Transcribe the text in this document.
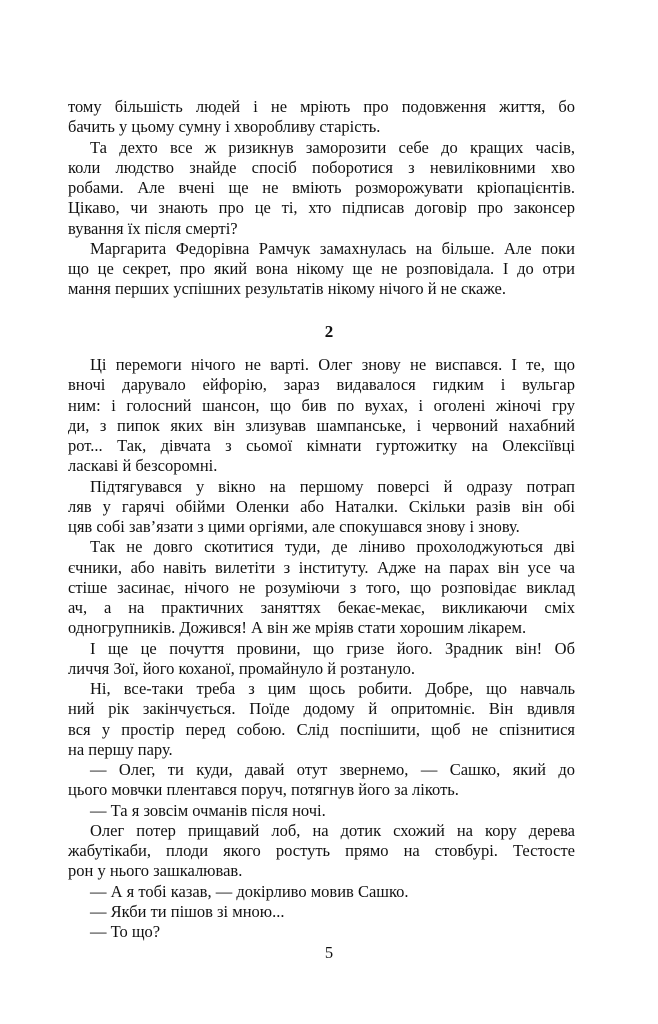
тому більшість людей і не мріють про подовження життя, бо
бачить у цьому сумну і хворобливу старість.
Та дехто все ж ризикнув заморозити себе до кращих часів,
коли людство знайде спосіб поборотися з невиліковними хво
робами. Але вчені ще не вміють розморожувати кріопацієнтів.
Цікаво, чи знають про це ті, хто підписав договір про законсер
вування їх після смерті?
Маргарита Федорівна Рамчук замахнулась на більше. Але поки
що це секрет, про який вона нікому ще не розповідала. І до отри
мання перших успішних результатів нікому нічого й не скаже.
2
Ці перемоги нічого не варті. Олег знову не виспався. І те, що
вночі дарувало ейфорію, зараз видавалося гидким і вульгар
ним: і голосний шансон, що бив по вухах, і оголені жіночі гру
ди, з пипок яких він злизував шампанське, і червоний нахабний
рот... Так, дівчата з сьомої кімнати гуртожитку на Олексіївці
ласкаві й безсоромні.
Підтягувався у вікно на першому поверсі й одразу потрап
ляв у гарячі обійми Оленки або Наталки. Скільки разів він обі
цяв собі зав’язати з цими оргіями, але спокушався знову і знову.
Так не довго скотитися туди, де ліниво прохолоджуються дві
єчники, або навіть вилетіти з інституту. Адже на парах він усе ча
стіше засинає, нічого не розуміючи з того, що розповідає виклад
ач, а на практичних заняттях бекає-мекає, викликаючи сміх
одногрупників. Дожився! А він же мріяв стати хорошим лікарем.
І ще це почуття провини, що гризе його. Зрадник він! Об
личчя Зої, його коханої, промайнуло й розтануло.
Ні, все-таки треба з цим щось робити. Добре, що навчаль
ний рік закінчується. Поїде додому й опритомніє. Він вдивля
вся у простір перед собою. Слід поспішити, щоб не спізнитися
на першу пару.
— Олег, ти куди, давай отут звернемо, — Сашко, який до
цього мовчки плентався поруч, потягнув його за лікоть.
— Та я зовсім очманів після ночі.
Олег потер прищавий лоб, на дотик схожий на кору дерева
жабутікаби, плоди якого ростуть прямо на стовбурі. Тестосте
рон у нього зашкалював.
— А я тобі казав, — докірливо мовив Сашко.
— Якби ти пішов зі мною...
— То що?
5
